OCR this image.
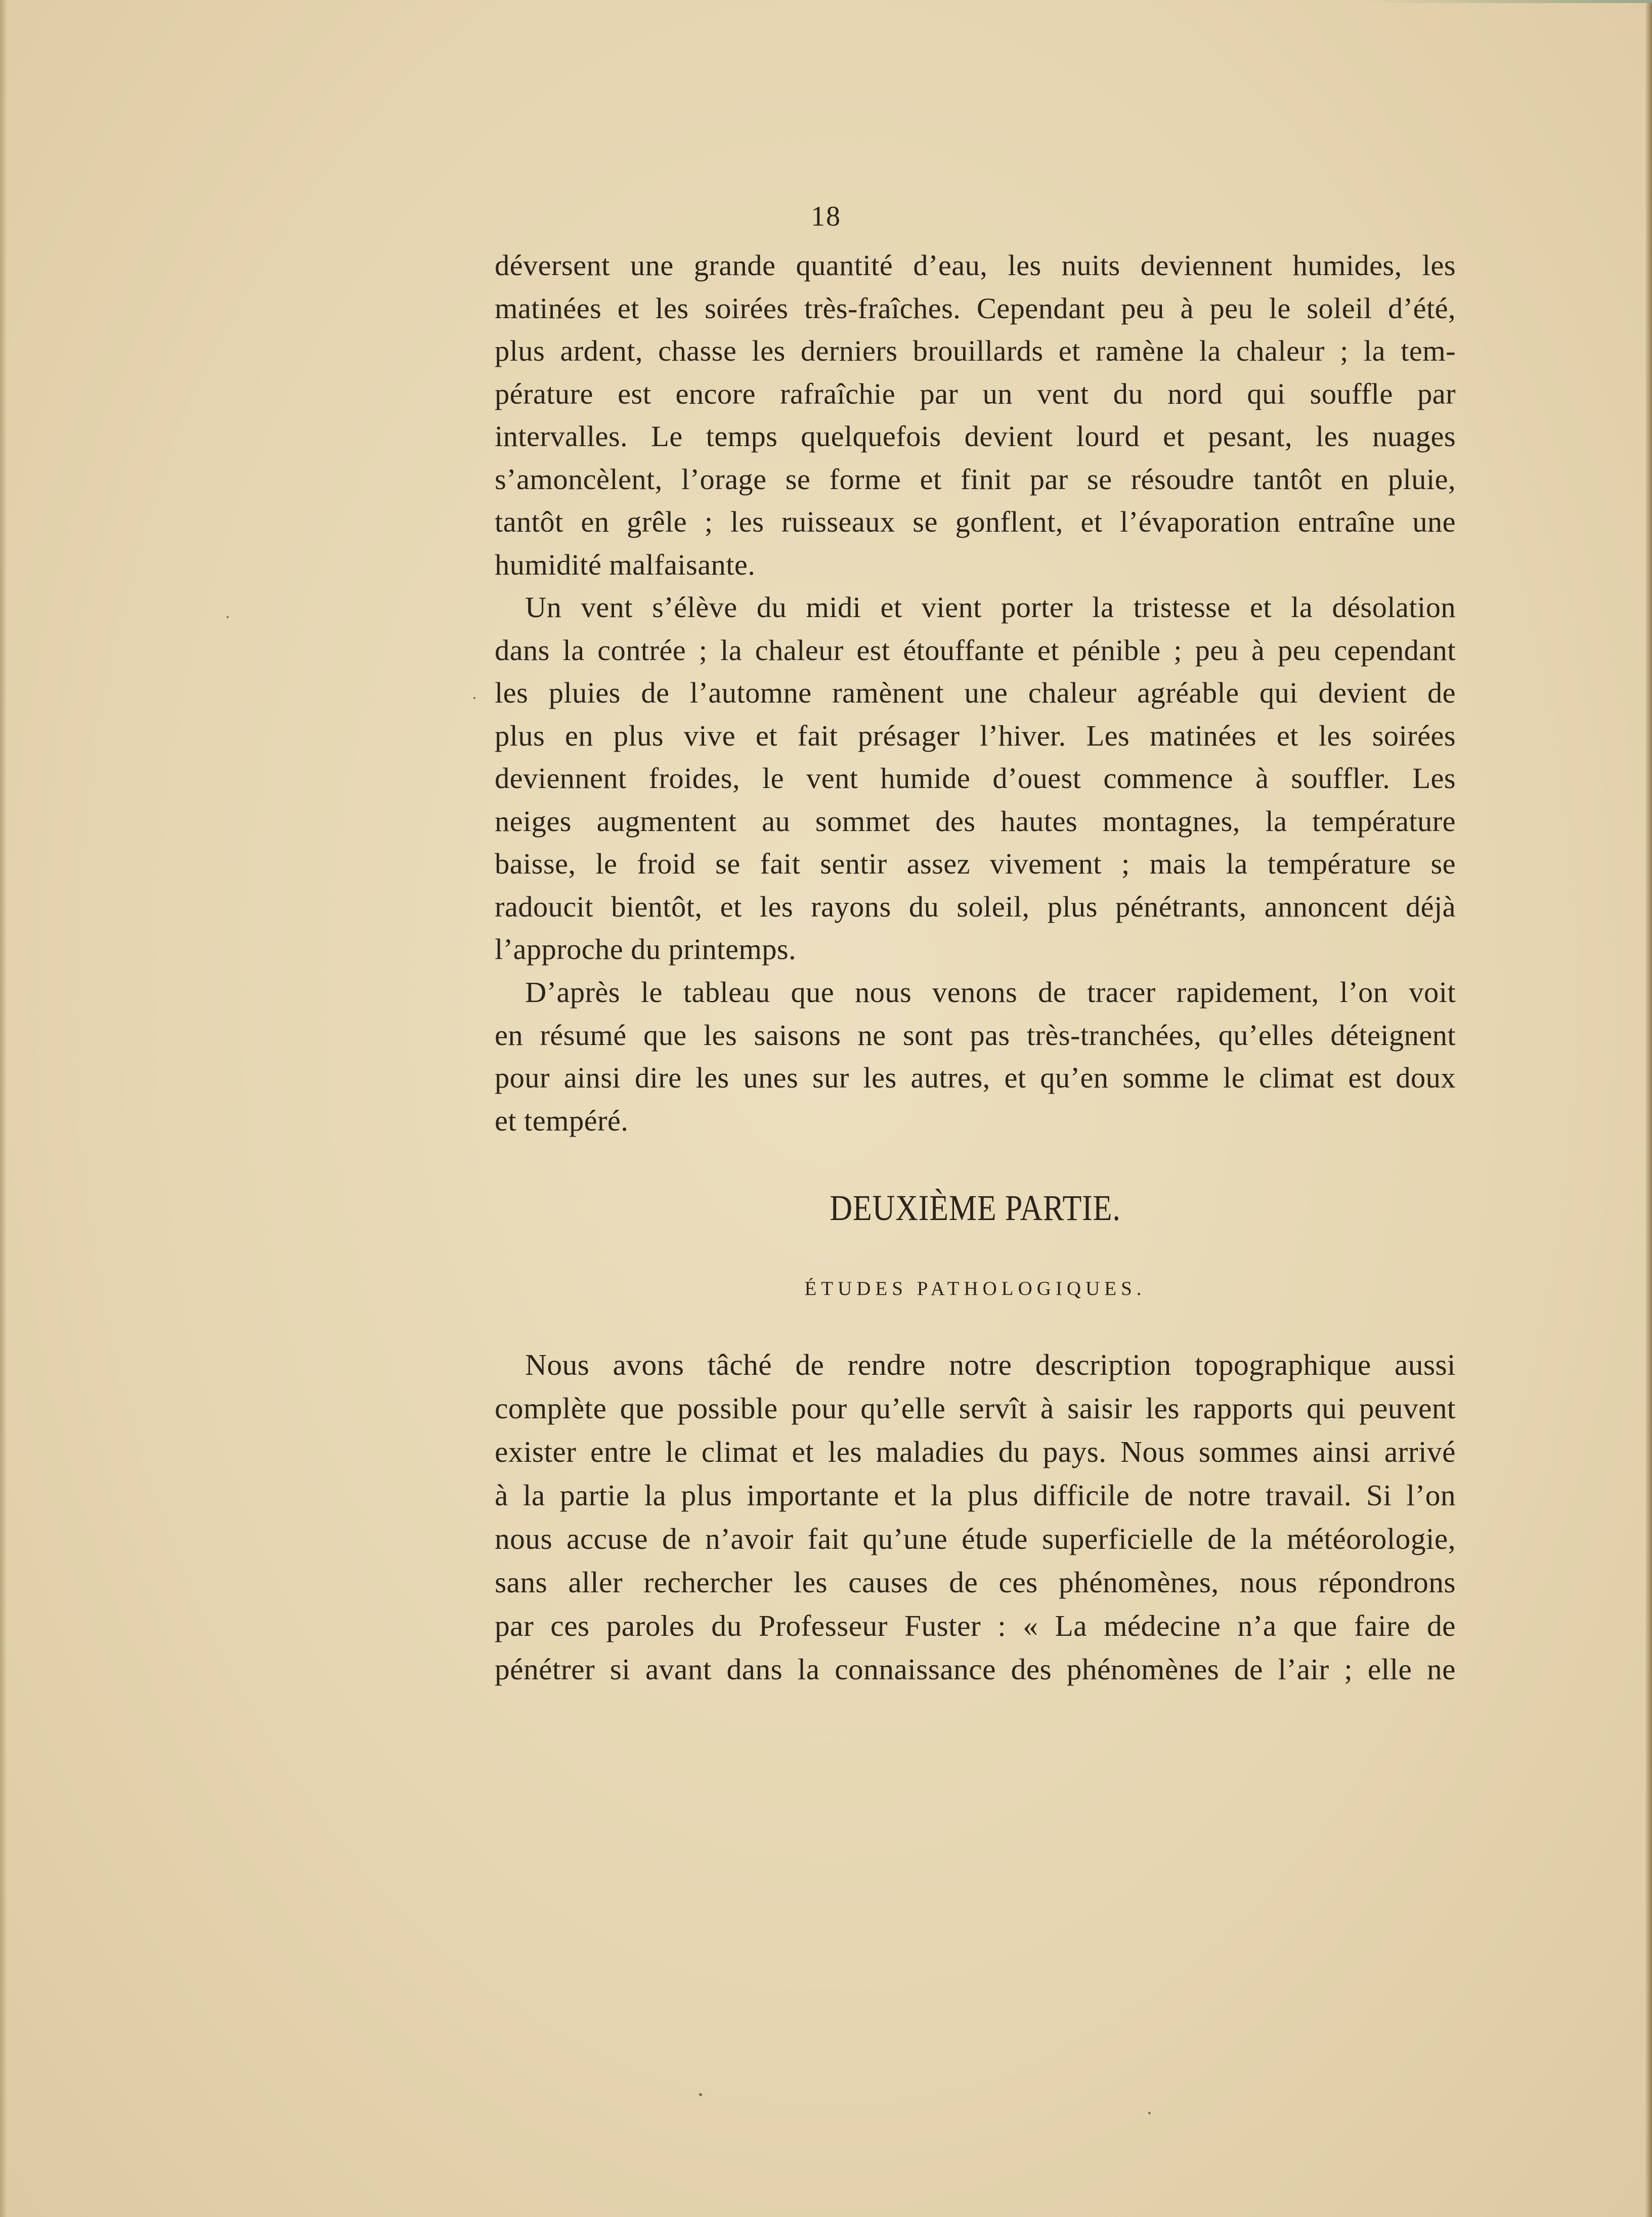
18
déversent une grande quantité d’eau, les nuits deviennent humides, les
matinées et les soirées très-fraîches. Cependant peu à peu le soleil d’été,
plus ardent, chasse les derniers brouillards et ramène la chaleur ; la tem-
pérature est encore rafraîchie par un vent du nord qui souffle par
intervalles. Le temps quelquefois devient lourd et pesant, les nuages
s’amoncèlent, l’orage se forme et finit par se résoudre tantôt en pluie,
tantôt en grêle ; les ruisseaux se gonflent, et l’évaporation entraîne une
humidité malfaisante.
Un vent s’élève du midi et vient porter la tristesse et la désolation
dans la contrée ; la chaleur est étouffante et pénible ; peu à peu cependant
les pluies de l’automne ramènent une chaleur agréable qui devient de
plus en plus vive et fait présager l’hiver. Les matinées et les soirées
deviennent froides, le vent humide d’ouest commence à souffler. Les
neiges augmentent au sommet des hautes montagnes, la température
baisse, le froid se fait sentir assez vivement ; mais la température se
radoucit bientôt, et les rayons du soleil, plus pénétrants, annoncent déjà
l’approche du printemps.
D’après le tableau que nous venons de tracer rapidement, l’on voit
en résumé que les saisons ne sont pas très-tranchées, qu’elles déteignent
pour ainsi dire les unes sur les autres, et qu’en somme le climat est doux
et tempéré.
DEUXIÈME PARTIE.
ÉTUDES PATHOLOGIQUES.
Nous avons tâché de rendre notre description topographique aussi
complète que possible pour qu’elle servît à saisir les rapports qui peuvent
exister entre le climat et les maladies du pays. Nous sommes ainsi arrivé
à la partie la plus importante et la plus difficile de notre travail. Si l’on
nous accuse de n’avoir fait qu’une étude superficielle de la météorologie,
sans aller rechercher les causes de ces phénomènes, nous répondrons
par ces paroles du Professeur Fuster : « La médecine n’a que faire de
pénétrer si avant dans la connaissance des phénomènes de l’air ; elle ne
